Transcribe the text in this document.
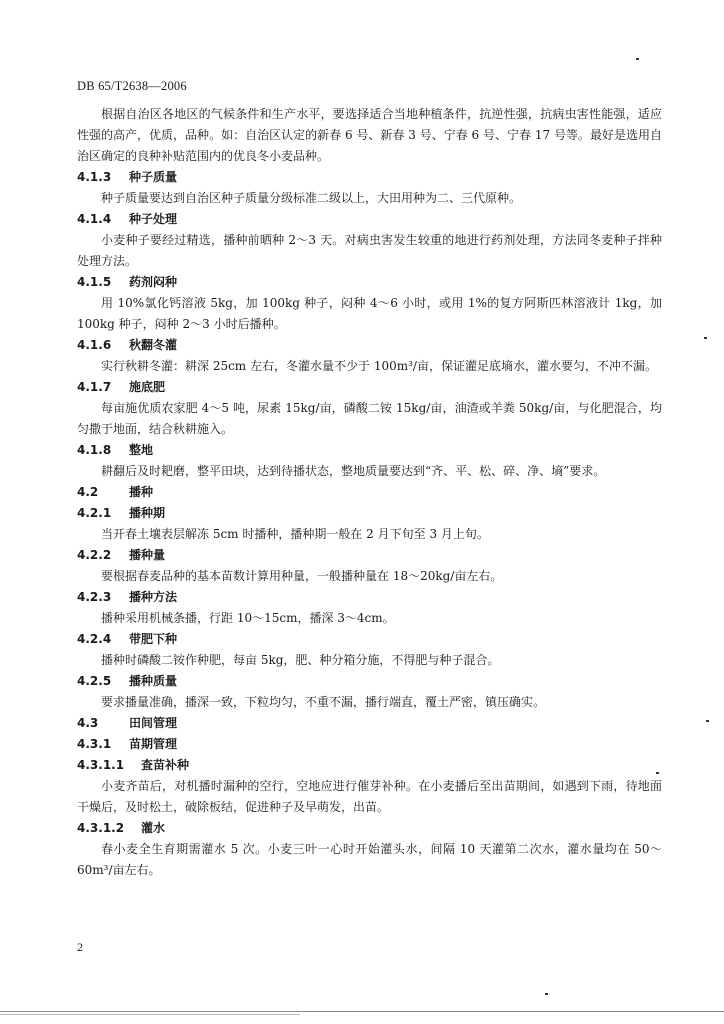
DB 65/T2638—2006

根据自治区各地区的气候条件和生产水平，要选择适合当地种植条件，抗逆性强，抗病虫害性能强，适应性强的高产，优质，品种。如：自治区认定的新春 6 号、新春 3 号、宁春 6 号、宁春 17 号等。最好是选用自治区确定的良种补贴范围内的优良冬小麦品种。

4.1.3 种子质量

种子质量要达到自治区种子质量分级标准二级以上，大田用种为二、三代原种。

4.1.4 种子处理

小麦种子要经过精选，播种前晒种 2～3 天。对病虫害发生较重的地进行药剂处理，方法同冬麦种子拌种处理方法。

4.1.5 药剂闷种

用 10%氯化钙溶液 5kg，加 100kg 种子，闷种 4～6 小时，或用 1%的复方阿斯匹林溶液计 1kg，加 100kg 种子，闷种 2～3 小时后播种。

4.1.6 秋翻冬灌

实行秋耕冬灌：耕深 25cm 左右，冬灌水量不少于 100m³/亩，保证灌足底墒水，灌水要匀，不冲不漏。

4.1.7 施底肥

每亩施优质农家肥 4～5 吨，尿素 15kg/亩，磷酸二铵 15kg/亩，油渣或羊粪 50kg/亩，与化肥混合，均匀撒于地面，结合秋耕施入。

4.1.8 整地

耕翻后及时耙磨，整平田块，达到待播状态，整地质量要达到“齐、平、松、碎、净、墒”要求。

4.2	播种
4.2.1 播种期

当开春土壤表层解冻 5cm 时播种，播种期一般在 2 月下旬至 3 月上旬。

4.2.2 播种量

要根据春麦品种的基本苗数计算用种量，一般播种量在 18～20kg/亩左右。

4.2.3 播种方法

播种采用机械条播，行距 10～15cm，播深 3～4cm。

4.2.4 带肥下种

播种时磷酸二铵作种肥，每亩 5kg，肥、种分箱分施，不得肥与种子混合。

4.2.5 播种质量

要求播量准确，播深一致，下粒均匀，不重不漏，播行端直，覆土严密，镇压确实。

4.3	田间管理
4.3.1 苗期管理
4.3.1.1 查苗补种

小麦齐苗后，对机播时漏种的空行，空地应进行催芽补种。在小麦播后至出苗期间，如遇到下雨，待地面干燥后，及时松土，破除板结，促进种子及早萌发，出苗。

4.3.1.2 灌水

春小麦全生育期需灌水 5 次。小麦三叶一心时开始灌头水，间隔 10 天灌第二次水，灌水量均在 50～60m³/亩左右。

2
